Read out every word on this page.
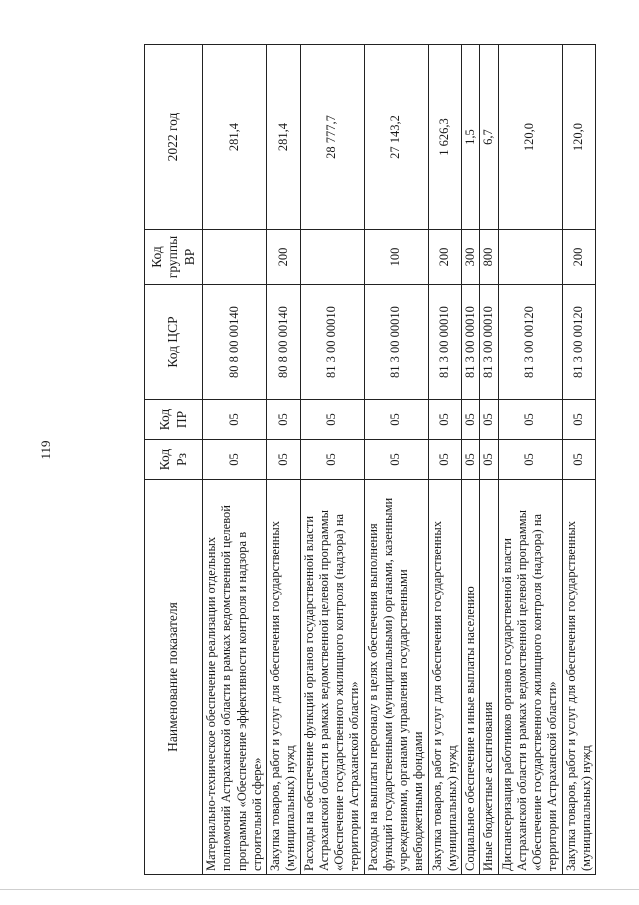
119
Наименование показателя	Код Рз	Код ПР	Код ЦСР	Код группы ВР	2022 год
Материально-техническое обеспечение реализации отдельных полномочий Астраханской области в рамках ведомственной целевой программы «Обеспечение эффективности контроля и надзора в строительной сфере»	05	05	80 8 00 00140		281,4
Закупка товаров, работ и услуг для обеспечения государственных (муниципальных) нужд	05	05	80 8 00 00140	200	281,4
Расходы на обеспечение функций органов государственной власти Астраханской области в рамках ведомственной целевой программы «Обеспечение государственного жилищного контроля (надзора) на территории Астраханской области»	05	05	81 3 00 00010		28 777,7
Расходы на выплаты персоналу в целях обеспечения выполнения функций государственными (муниципальными) органами, казенными учреждениями, органами управления государственными внебюджетными фондами	05	05	81 3 00 00010	100	27 143,2
Закупка товаров, работ и услуг для обеспечения государственных (муниципальных) нужд	05	05	81 3 00 00010	200	1 626,3
Социальное обеспечение и иные выплаты населению	05	05	81 3 00 00010	300	1,5
Иные бюджетные ассигнования	05	05	81 3 00 00010	800	6,7
Диспансеризация работников органов государственной власти Астраханской области в рамках ведомственной целевой программы «Обеспечение государственного жилищного контроля (надзора) на территории Астраханской области»	05	05	81 3 00 00120		120,0
Закупка товаров, работ и услуг для обеспечения государственных (муниципальных) нужд	05	05	81 3 00 00120	200	120,0
